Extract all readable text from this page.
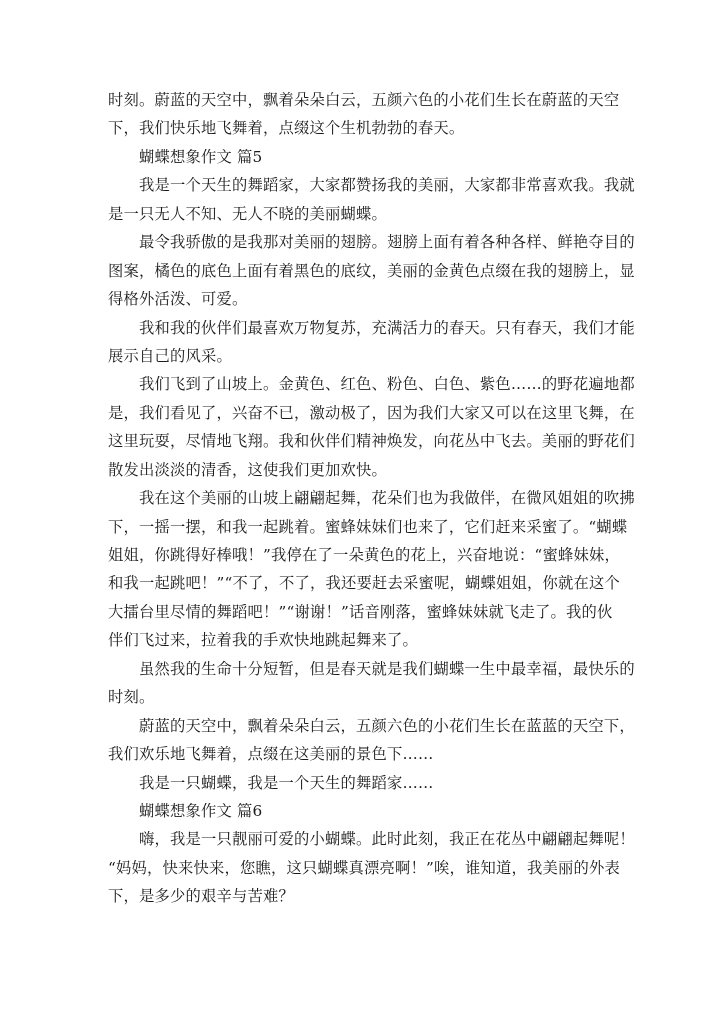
时刻。蔚蓝的天空中，飘着朵朵白云，五颜六色的小花们生长在蔚蓝的天空
下，我们快乐地飞舞着，点缀这个生机勃勃的春天。
蝴蝶想象作文 篇5
我是一个天生的舞蹈家，大家都赞扬我的美丽，大家都非常喜欢我。我就
是一只无人不知、无人不晓的美丽蝴蝶。
最令我骄傲的是我那对美丽的翅膀。翅膀上面有着各种各样、鲜艳夺目的
图案，橘色的底色上面有着黑色的底纹，美丽的金黄色点缀在我的翅膀上，显
得格外活泼、可爱。
我和我的伙伴们最喜欢万物复苏，充满活力的春天。只有春天，我们才能
展示自己的风采。
我们飞到了山坡上。金黄色、红色、粉色、白色、紫色……的野花遍地都
是，我们看见了，兴奋不已，激动极了，因为我们大家又可以在这里飞舞，在
这里玩耍，尽情地飞翔。我和伙伴们精神焕发，向花丛中飞去。美丽的野花们
散发出淡淡的清香，这使我们更加欢快。
我在这个美丽的山坡上翩翩起舞，花朵们也为我做伴，在微风姐姐的吹拂
下，一摇一摆，和我一起跳着。蜜蜂妹妹们也来了，它们赶来采蜜了。“蝴蝶
姐姐，你跳得好棒哦！”我停在了一朵黄色的花上，兴奋地说：“蜜蜂妹妹，
和我一起跳吧！”“不了，不了，我还要赶去采蜜呢，蝴蝶姐姐，你就在这个
大擂台里尽情的舞蹈吧！”“谢谢！”话音刚落，蜜蜂妹妹就飞走了。我的伙
伴们飞过来，拉着我的手欢快地跳起舞来了。
虽然我的生命十分短暂，但是春天就是我们蝴蝶一生中最幸福，最快乐的
时刻。
蔚蓝的天空中，飘着朵朵白云，五颜六色的小花们生长在蓝蓝的天空下，
我们欢乐地飞舞着，点缀在这美丽的景色下……
我是一只蝴蝶，我是一个天生的舞蹈家……
蝴蝶想象作文 篇6
嗨，我是一只靓丽可爱的小蝴蝶。此时此刻，我正在花丛中翩翩起舞呢！
“妈妈，快来快来，您瞧，这只蝴蝶真漂亮啊！”唉，谁知道，我美丽的外表
下，是多少的艰辛与苦难？
